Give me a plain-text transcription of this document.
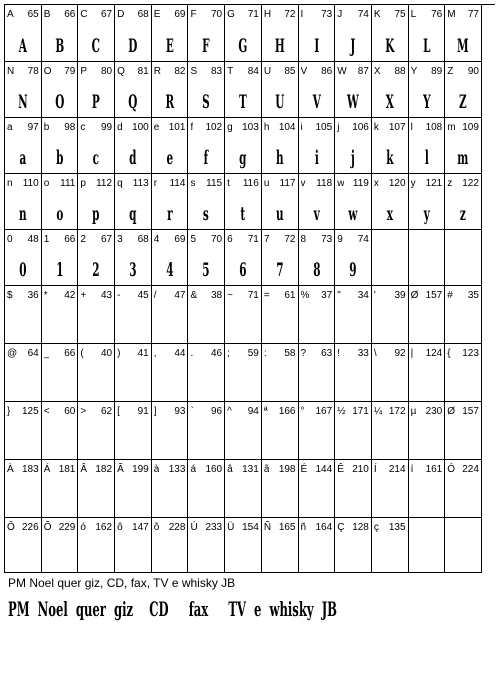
A 65
A
B 66
B
C 67
C
D 68
D
E 69
E
F 70
F
G 71
G
H 72
H
I 73
I
J 74
J
K 75
K
L 76
L
M 77
M
N 78
N
O 79
O
P 80
P
Q 81
Q
R 82
R
S 83
S
T 84
T
U 85
U
V 86
V
W 87
W
X 88
X
Y 89
Y
Z 90
Z
a 97
a
b 98
b
c 99
c
d 100
d
e 101
e
f 102
f
g 103
g
h 104
h
i 105
i
j 106
j
k 107
k
l 108
l
m 109
m
n 110
n
o 111
o
p 112
p
q 113
q
r 114
r
s 115
s
t 116
t
u 117
u
v 118
v
w 119
w
x 120
x
y 121
y
z 122
z
0 48
0
1 66
1
2 67
2
3 68
3
4 69
4
5 70
5
6 71
6
7 72
7
8 73
8
9 74
9
$ 36 * 42 + 43 - 45 / 47 & 38 ~ 71 = 61 % 37 " 34 ' 39 Ø 157 # 35
@ 64 _ 66 ( 40 ) 41 , 44 . 46 ; 59 : 58 ? 63 ! 33 \ 92 | 124 { 123
} 125 < 60 > 62 [ 91 ] 93 ` 96 ^ 94 ª 166 ° 167 ½ 171 ¼ 172 µ 230 Ø 157
À 183 Á 181 Â 182 Ã 199 à 133 á 160 â 131 ã 198 É 144 Ê 210 Í 214 í 161 Ó 224
Ô 226 Õ 229 ó 162 ô 147 õ 228 Ú 233 Ü 154 Ñ 165 ñ 164 Ç 128 ç 135
PM Noel quer giz, CD, fax, TV e whisky JB
PM  Noel  quer  giz    CD     fax     TV  e  whisky  JB
